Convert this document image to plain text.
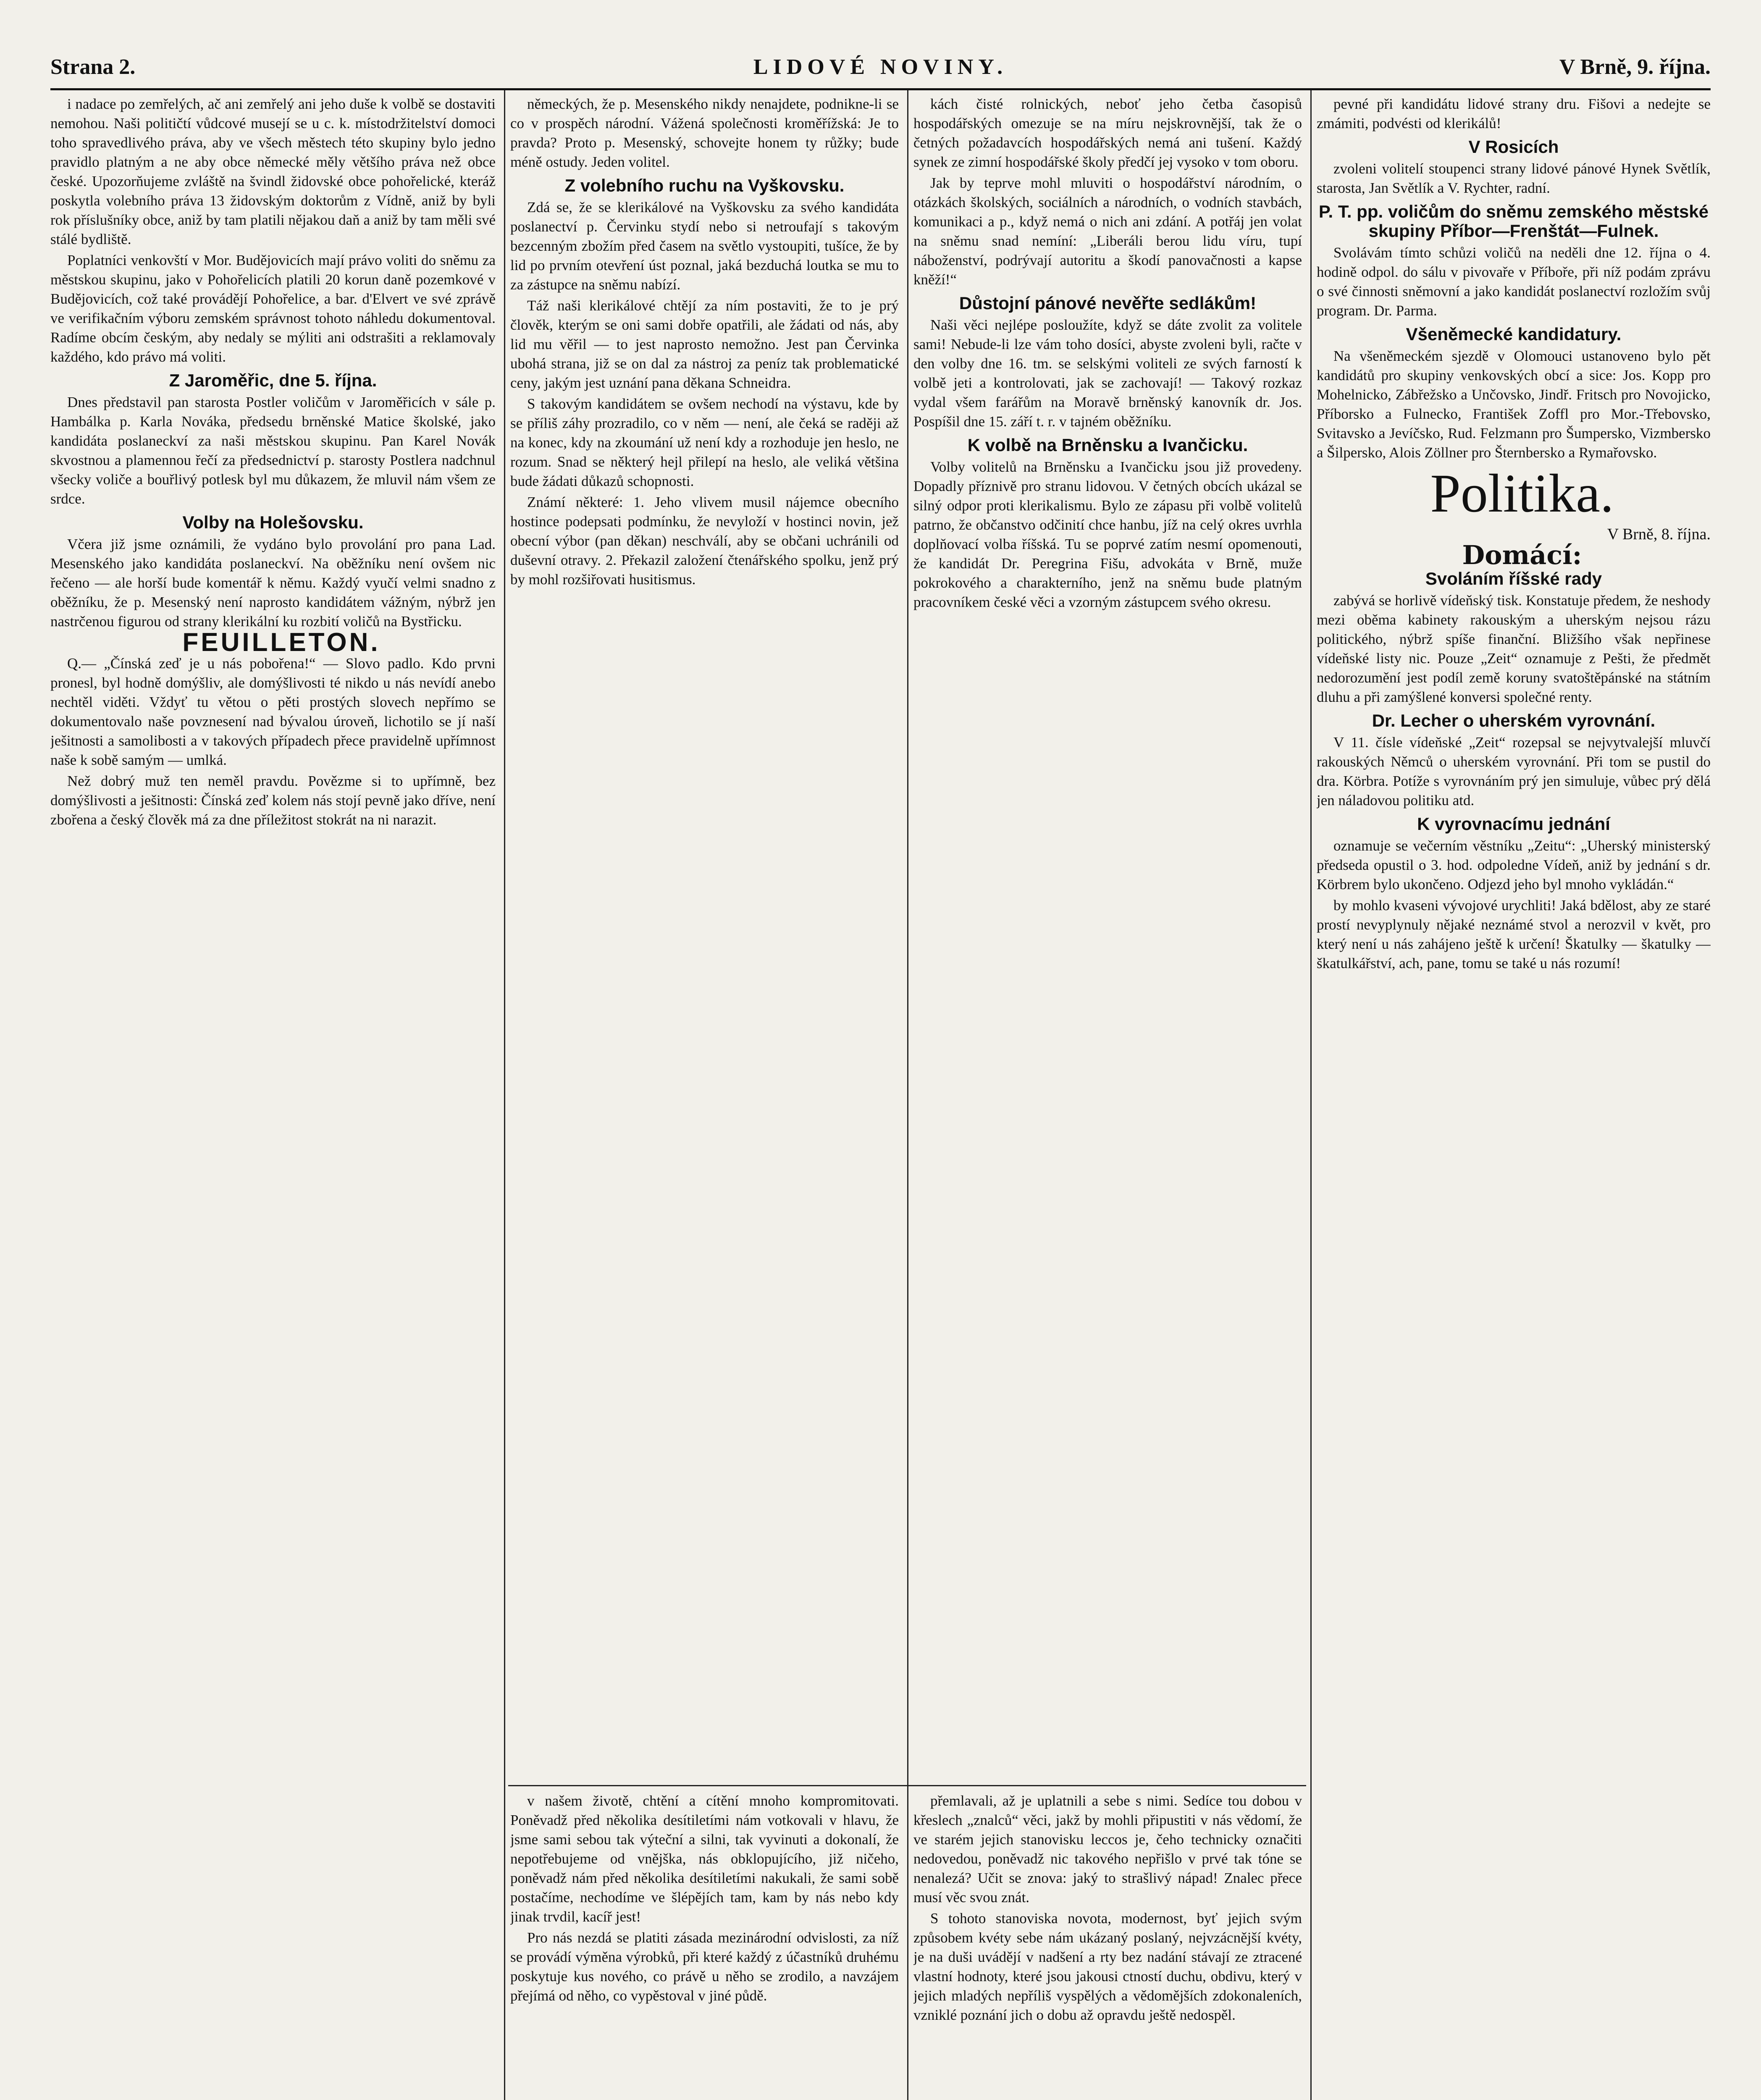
Strana 2.	LIDOVÉ NOVINY.	V Brně, 9. října.

i nadace po zemřelých, ač ani zemřelý ani jeho duše k volbě se dostaviti nemohou. Naši političtí vůdcové musejí se u c. k. místodržitelství domoci toho spravedlivého práva, aby ve všech městech této skupiny bylo jedno pravidlo platným a ne aby obce německé měly většího práva než obce české. Upozorňujeme zvláště na švindl židovské obce pohořelické, kteráž poskytla volebního práva 13 židovským doktorům z Vídně, aniž by byli rok příslušníky obce, aniž by tam platili nějakou daň a aniž by tam měli své stálé bydliště.

Poplatníci venkovští v Mor. Budějovicích mají právo voliti do sněmu za městskou skupinu, jako v Pohořelicích platili 20 korun daně pozemkové v Budějovicích, což také provádějí Pohořelice, a bar. d'Elvert ve své zprávě ve verifikačním výboru zemském správnost tohoto náhledu dokumentoval. Radíme obcím českým, aby nedaly se mýliti ani odstrašiti a reklamovaly každého, kdo právo má voliti.

Z Jaroměřic, dne 5. října.

Dnes představil pan starosta Postler voličům v Jaroměřicích v sále p. Hambálka p. Karla Nováka, předsedu brněnské Matice školské, jako kandidáta poslaneckví za naši městskou skupinu. Pan Karel Novák skvostnou a plamennou řečí za předsednictví p. starosty Postlera nadchnul všecky voliče a bouřlivý potlesk byl mu důkazem, že mluvil nám všem ze srdce.

Volby na Holešovsku.

Včera již jsme oznámili, že vydáno bylo provolání pro pana Lad. Mesenského jako kandidáta poslaneckví. Na oběžníku není ovšem nic řečeno — ale horší bude komentář k němu. Každý vyučí velmi snadno z oběžníku, že p. Mesenský není naprosto kandidátem vážným, nýbrž jen nastrčenou figurou od strany klerikální ku rozbití voličů na Bystřicku.

FEUILLETON.

Q.— „Čínská zeď je u nás pobořena!“ — Slovo padlo. Kdo prvni pronesl, byl hodně domýšliv, ale domýšlivosti té nikdo u nás nevídí anebo nechtěl viděti. Vždyť tu větou o pěti prostých slovech nepřímo se dokumentovalo naše povznesení nad bývalou úroveň, lichotilo se jí naší ješitnosti a samolibosti a v takových případech přece pravidelně upřímnost naše k sobě samým — umlká.

Než dobrý muž ten neměl pravdu. Povězme si to upřímně, bez domýšlivosti a ješitnosti: Čínská zeď kolem nás stojí pevně jako dříve, není zbořena a český člověk má za dne příležitost stokrát na ni narazit.

německých, že p. Mesenského nikdy nenajdete, podnikne-li se co v prospěch národní. Vážená společnosti kroměřížská: Je to pravda? Proto p. Mesenský, schovejte honem ty růžky; bude méně ostudy. Jeden volitel.

Z volebního ruchu na Vyškovsku.

Zdá se, že se klerikálové na Vyškovsku za svého kandidáta poslanectví p. Červinku stydí nebo si netroufají s takovým bezcenným zbožím před časem na světlo vystoupiti, tušíce, že by lid po prvním otevření úst poznal, jaká bezduchá loutka se mu to za zástupce na sněmu nabízí.

Táž naši klerikálové chtějí za ním postaviti, že to je prý člověk, kterým se oni sami dobře opatřili, ale žádati od nás, aby lid mu věřil — to jest naprosto nemožno. Jest pan Červinka ubohá strana, již se on dal za nástroj za peníz tak problematické ceny, jakým jest uznání pana děkana Schneidra.

S takovým kandidátem se ovšem nechodí na výstavu, kde by se příliš záhy prozradilo, co v něm — není, ale čeká se raději až na konec, kdy na zkoumání už není kdy a rozhoduje jen heslo, ne rozum. Snad se některý hejl přilepí na heslo, ale veliká většina bude žádati důkazů schopnosti.

Známí některé: 1. Jeho vlivem musil nájemce obecního hostince podepsati podmínku, že nevyloží v hostinci novin, jež obecní výbor (pan děkan) neschválí, aby se občani uchránili od duševní otravy. 2. Překazil založení čtenářského spolku, jenž prý by mohl rozšiřovati husitismus.

v našem životě, chtění a cítění mnoho kompromitovati. Poněvadž před několika desítiletími nám votkovali v hlavu, že jsme sami sebou tak výteční a silni, tak vyvinuti a dokonalí, že nepotřebujeme od vnějška, nás obklopujícího, již ničeho, poněvadž nám před několika desítiletími nakukali, že sami sobě postačíme, nechodíme ve šlépějích tam, kam by nás nebo kdy jinak trvdil, kacíř jest!

Pro nás nezdá se platiti zásada mezinárodní odvislosti, za níž se provádí výměna výrobků, při které každý z účastníků druhému poskytuje kus nového, co právě u něho se zrodilo, a navzájem přejímá od něho, co vypěstoval v jiné půdě.

kách čisté rolnických, neboť jeho četba časopisů hospodářských omezuje se na míru nejskrovnější, tak že o četných požadavcích hospodářských nemá ani tušení. Každý synek ze zimní hospodářské školy předčí jej vysoko v tom oboru.

Jak by teprve mohl mluviti o hospodářství národním, o otázkách školských, sociálních a národních, o vodních stavbách, komunikaci a p., když nemá o nich ani zdání. A potřáj jen volat na sněmu snad nemíní: „Liberáli berou lidu víru, tupí náboženství, podrývají autoritu a škodí panovačnosti a kapse kněží!“

Důstojní pánové nevěřte sedlákům!

Naši věci nejlépe posloužíte, když se dáte zvolit za volitele sami! Nebude-li lze vám toho dosíci, abyste zvoleni byli, račte v den volby dne 16. tm. se selskými voliteli ze svých farností k volbě jeti a kontrolovati, jak se zachovají! — Takový rozkaz vydal všem farářům na Moravě brněnský kanovník dr. Jos. Pospíšil dne 15. září t. r. v tajném oběžníku.

K volbě na Brněnsku a Ivančicku.

Volby volitelů na Brněnsku a Ivančicku jsou již provedeny. Dopadly příznivě pro stranu lidovou. V četných obcích ukázal se silný odpor proti klerikalismu. Bylo ze zápasu při volbě volitelů patrno, že občanstvo odčinití chce hanbu, jíž na celý okres uvrhla doplňovací volba říšská. Tu se poprvé zatím nesmí opomenouti, že kandidát Dr. Peregrina Fišu, advokáta v Brně, muže pokrokového a charakterního, jenž na sněmu bude platným pracovníkem české věci a vzorným zástupcem svého okresu.

přemlavali, až je uplatnili a sebe s nimi. Sedíce tou dobou v křeslech „znalců“ věci, jakž by mohli připustiti v nás vědomí, že ve starém jejich stanovisku leccos je, čeho technicky označiti nedovedou, poněvadž nic takového nepřišlo v prvé tak tóne se nenalezá? Učit se znova: jaký to strašlivý nápad! Znalec přece musí věc svou znát.

S tohoto stanoviska novota, modernost, byť jejich svým způsobem kvéty sebe nám ukázaný poslaný, nejvzácnější kvéty, je na duši uvádějí v nadšení a rty bez nadání stávají ze ztracené vlastní hodnoty, které jsou jakousi ctností duchu, obdivu, který v jejich mladých nepříliš vyspělých a vědomějších zdokonaleních, vzniklé poznání jich o dobu až opravdu ještě nedospěl.

pevné při kandidátu lidové strany dru. Fišovi a nedejte se zmámiti, podvésti od klerikálů!

V Rosicích

zvoleni volitelí stoupenci strany lidové pánové Hynek Světlík, starosta, Jan Světlík a V. Rychter, radní.

P. T. pp. voličům do sněmu zemského městské skupiny Příbor—Frenštát—Fulnek.

Svolávám tímto schůzi voličů na neděli dne 12. října o 4. hodině odpol. do sálu v pivovaře v Příboře, při níž podám zprávu o své činnosti sněmovní a jako kandidát poslanectví rozložím svůj program. Dr. Parma.

Všeněmecké kandidatury.

Na všeněmeckém sjezdě v Olomouci ustanoveno bylo pět kandidátů pro skupiny venkovských obcí a sice: Jos. Kopp pro Mohelnicko, Zábřežsko a Unčovsko, Jindř. Fritsch pro Novojicko, Příborsko a Fulnecko, František Zoffl pro Mor.-Třebovsko, Svitavsko a Jevíčsko, Rud. Felzmann pro Šumpersko, Vizmbersko a Šilpersko, Alois Zöllner pro Šternbersko a Rymařovsko.

Politika.

V Brně, 8. října.

Domácí:

Svoláním říšské rady

zabývá se horlivě vídeňský tisk. Konstatuje předem, že neshody mezi oběma kabinety rakouským a uherským nejsou rázu politického, nýbrž spíše finanční. Bližšího však nepřinese vídeňské listy nic. Pouze „Zeit“ oznamuje z Pešti, že předmět nedorozumění jest podíl země koruny svatoštěpánské na státním dluhu a při zamýšlené konversi společné renty.

Dr. Lecher o uherském vyrovnání.

V 11. čísle vídeňské „Zeit“ rozepsal se nejvytvalejší mluvčí rakouských Němců o uherském vyrovnání. Při tom se pustil do dra. Körbra. Potíže s vyrovnáním prý jen simuluje, vůbec prý dělá jen náladovou politiku atd.

K vyrovnacímu jednání

oznamuje se večerním věstníku „Zeitu“: „Uherský ministerský předseda opustil o 3. hod. odpoledne Vídeň, aniž by jednání s dr. Körbrem bylo ukončeno. Odjezd jeho byl mnoho vykládán.“

by mohlo kvaseni vývojové urychliti! Jaká bdělost, aby ze staré prostí nevyplynuly nějaké neznámé stvol a nerozvil v květ, pro který není u nás zahájeno ještě k určení! Škatulky — škatulky — škatulkářství, ach, pane, tomu se také u nás rozumí!
